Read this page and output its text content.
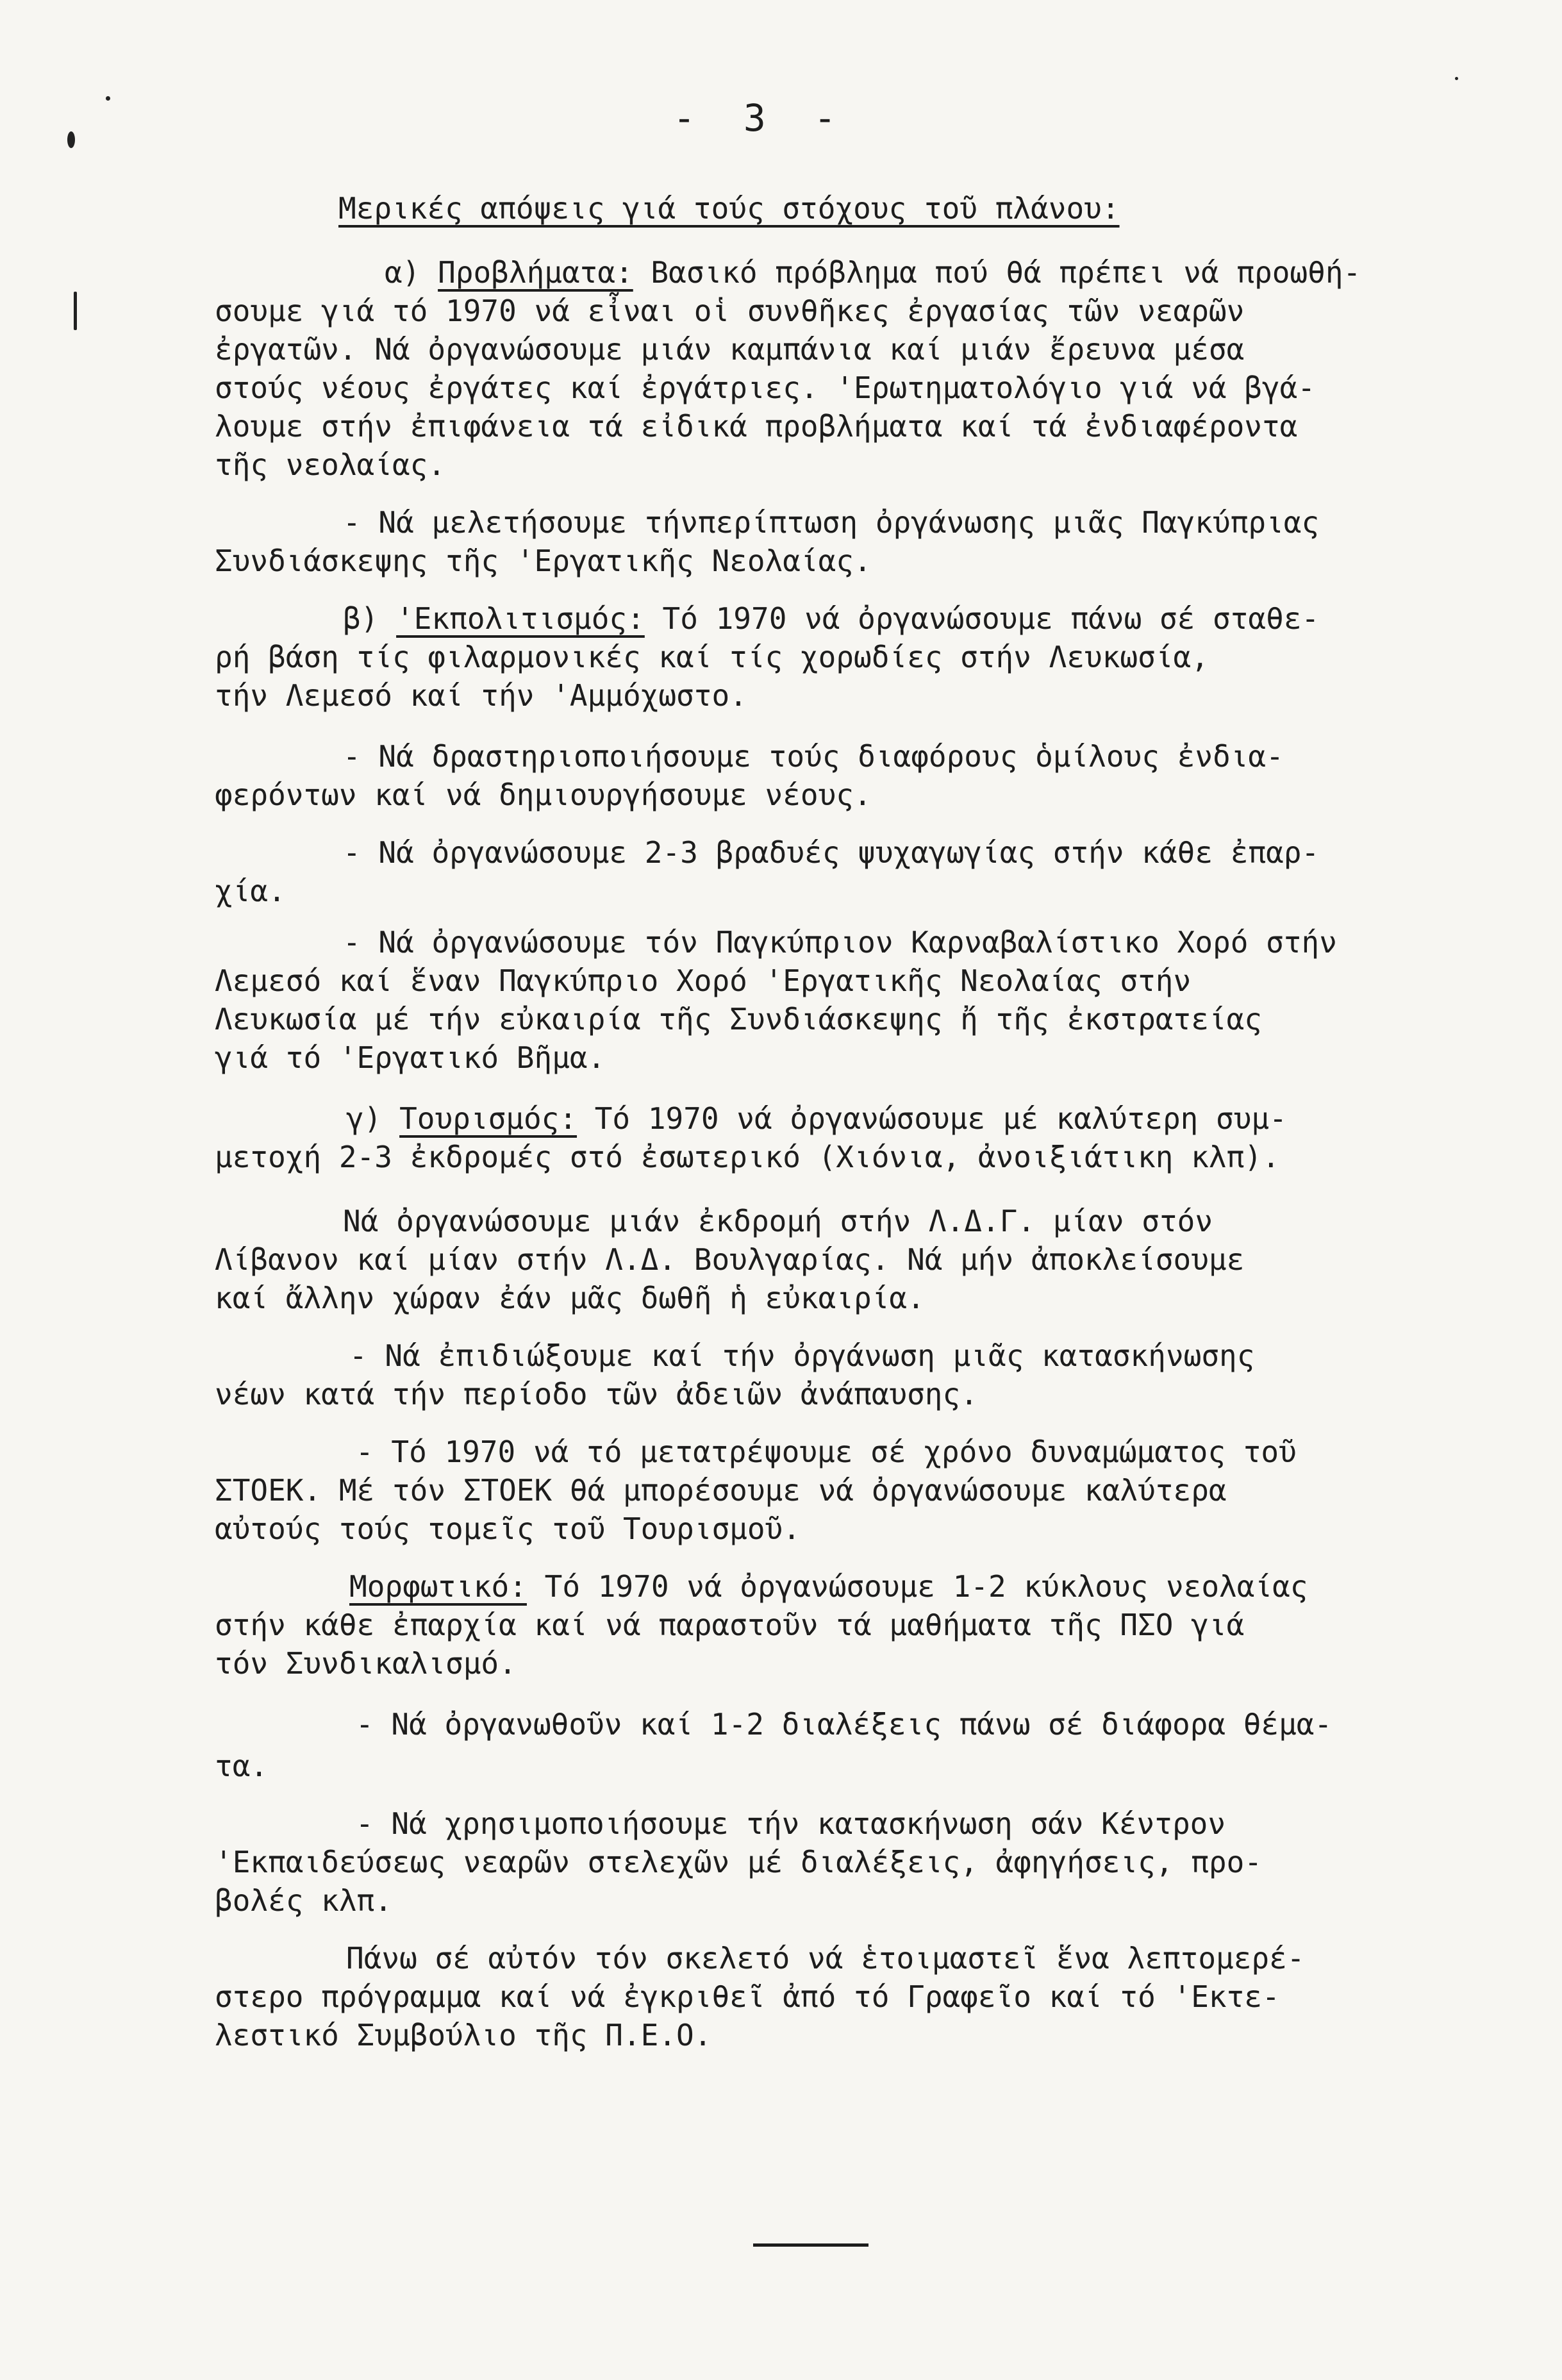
- 3 -
Μερικές απόψεις γιά τούς στόχους τοῦ πλάνου:
α) Προβλήματα: Βασικό πρόβλημα πού θά πρέπει νά προωθή-
σουμε γιά τό 1970 νά εἶναι οἱ συνθῆκες ἐργασίας τῶν νεαρῶν
ἐργατῶν. Νά ὀργανώσουμε μιάν καμπάνια καί μιάν ἔρευνα μέσα
στούς νέους ἐργάτες καί ἐργάτριες. 'Ερωτηματολόγιο γιά νά βγά-
λουμε στήν ἐπιφάνεια τά εἰδικά προβλήματα καί τά ἐνδιαφέροντα
τῆς νεολαίας.
- Νά μελετήσουμε τήνπερίπτωση ὀργάνωσης μιᾶς Παγκύπριας
Συνδιάσκεψης τῆς 'Εργατικῆς Νεολαίας.
β) 'Εκπολιτισμός: Τό 1970 νά ὀργανώσουμε πάνω σέ σταθε-
ρή βάση τίς φιλαρμονικές καί τίς χορωδίες στήν Λευκωσία,
τήν Λεμεσό καί τήν 'Αμμόχωστο.
- Νά δραστηριοποιήσουμε τούς διαφόρους ὁμίλους ἐνδια-
φερόντων καί νά δημιουργήσουμε νέους.
- Νά ὀργανώσουμε 2-3 βραδυές ψυχαγωγίας στήν κάθε ἐπαρ-
χία.
- Νά ὀργανώσουμε τόν Παγκύπριον Καρναβαλίστικο Χορό στήν
Λεμεσό καί ἕναν Παγκύπριο Χορό 'Εργατικῆς Νεολαίας στήν
Λευκωσία μέ τήν εὐκαιρία τῆς Συνδιάσκεψης ἤ τῆς ἐκστρατείας
γιά τό 'Εργατικό Βῆμα.
γ) Τουρισμός: Τό 1970 νά ὀργανώσουμε μέ καλύτερη συμ-
μετοχή 2-3 ἐκδρομές στό ἐσωτερικό (Χιόνια, ἀνοιξιάτικη κλπ).
Νά ὀργανώσουμε μιάν ἐκδρομή στήν Λ.Δ.Γ. μίαν στόν
Λίβανον καί μίαν στήν Λ.Δ. Βουλγαρίας. Νά μήν ἀποκλείσουμε
καί ἄλλην χώραν ἐάν μᾶς δωθῆ ἡ εὐκαιρία.
- Νά ἐπιδιώξουμε καί τήν ὀργάνωση μιᾶς κατασκήνωσης
νέων κατά τήν περίοδο τῶν ἀδειῶν ἀνάπαυσης.
- Τό 1970 νά τό μετατρέψουμε σέ χρόνο δυναμώματος τοῦ
ΣΤΟΕΚ. Μέ τόν ΣΤΟΕΚ θά μπορέσουμε νά ὀργανώσουμε καλύτερα
αὐτούς τούς τομεῖς τοῦ Τουρισμοῦ.
Μορφωτικό: Τό 1970 νά ὀργανώσουμε 1-2 κύκλους νεολαίας
στήν κάθε ἐπαρχία καί νά παραστοῦν τά μαθήματα τῆς ΠΣΟ γιά
τόν Συνδικαλισμό.
- Νά ὀργανωθοῦν καί 1-2 διαλέξεις πάνω σέ διάφορα θέμα-
τα.
- Νά χρησιμοποιήσουμε τήν κατασκήνωση σάν Κέντρον
'Εκπαιδεύσεως νεαρῶν στελεχῶν μέ διαλέξεις, ἀφηγήσεις, προ-
βολές κλπ.
Πάνω σέ αὐτόν τόν σκελετό νά ἑτοιμαστεῖ ἕνα λεπτομερέ-
στερο πρόγραμμα καί νά ἐγκριθεῖ ἀπό τό Γραφεῖο καί τό 'Εκτε-
λεστικό Συμβούλιο τῆς Π.Ε.Ο.
